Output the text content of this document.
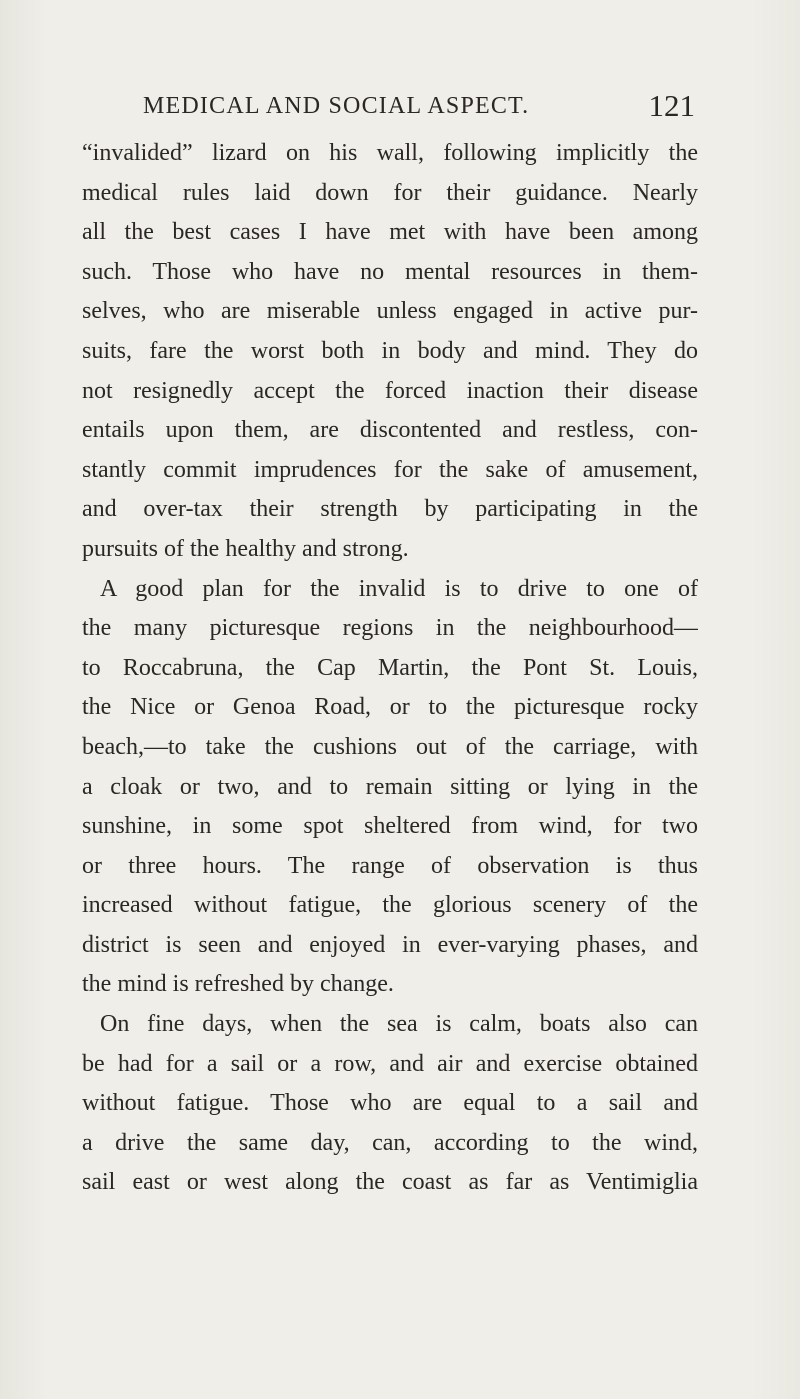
MEDICAL AND SOCIAL ASPECT.	121
“invalided” lizard on his wall, following implicitly the
medical rules laid down for their guidance. Nearly
all the best cases I have met with have been among
such. Those who have no mental resources in them-
selves, who are miserable unless engaged in active pur-
suits, fare the worst both in body and mind. They do
not resignedly accept the forced inaction their disease
entails upon them, are discontented and restless, con-
stantly commit imprudences for the sake of amusement,
and over-tax their strength by participating in the
pursuits of the healthy and strong.
A good plan for the invalid is to drive to one of
the many picturesque regions in the neighbourhood—
to Roccabruna, the Cap Martin, the Pont St. Louis,
the Nice or Genoa Road, or to the picturesque rocky
beach,—to take the cushions out of the carriage, with
a cloak or two, and to remain sitting or lying in the
sunshine, in some spot sheltered from wind, for two
or three hours. The range of observation is thus
increased without fatigue, the glorious scenery of the
district is seen and enjoyed in ever-varying phases, and
the mind is refreshed by change.
On fine days, when the sea is calm, boats also can
be had for a sail or a row, and air and exercise obtained
without fatigue. Those who are equal to a sail and
a drive the same day, can, according to the wind,
sail east or west along the coast as far as Ventimiglia
